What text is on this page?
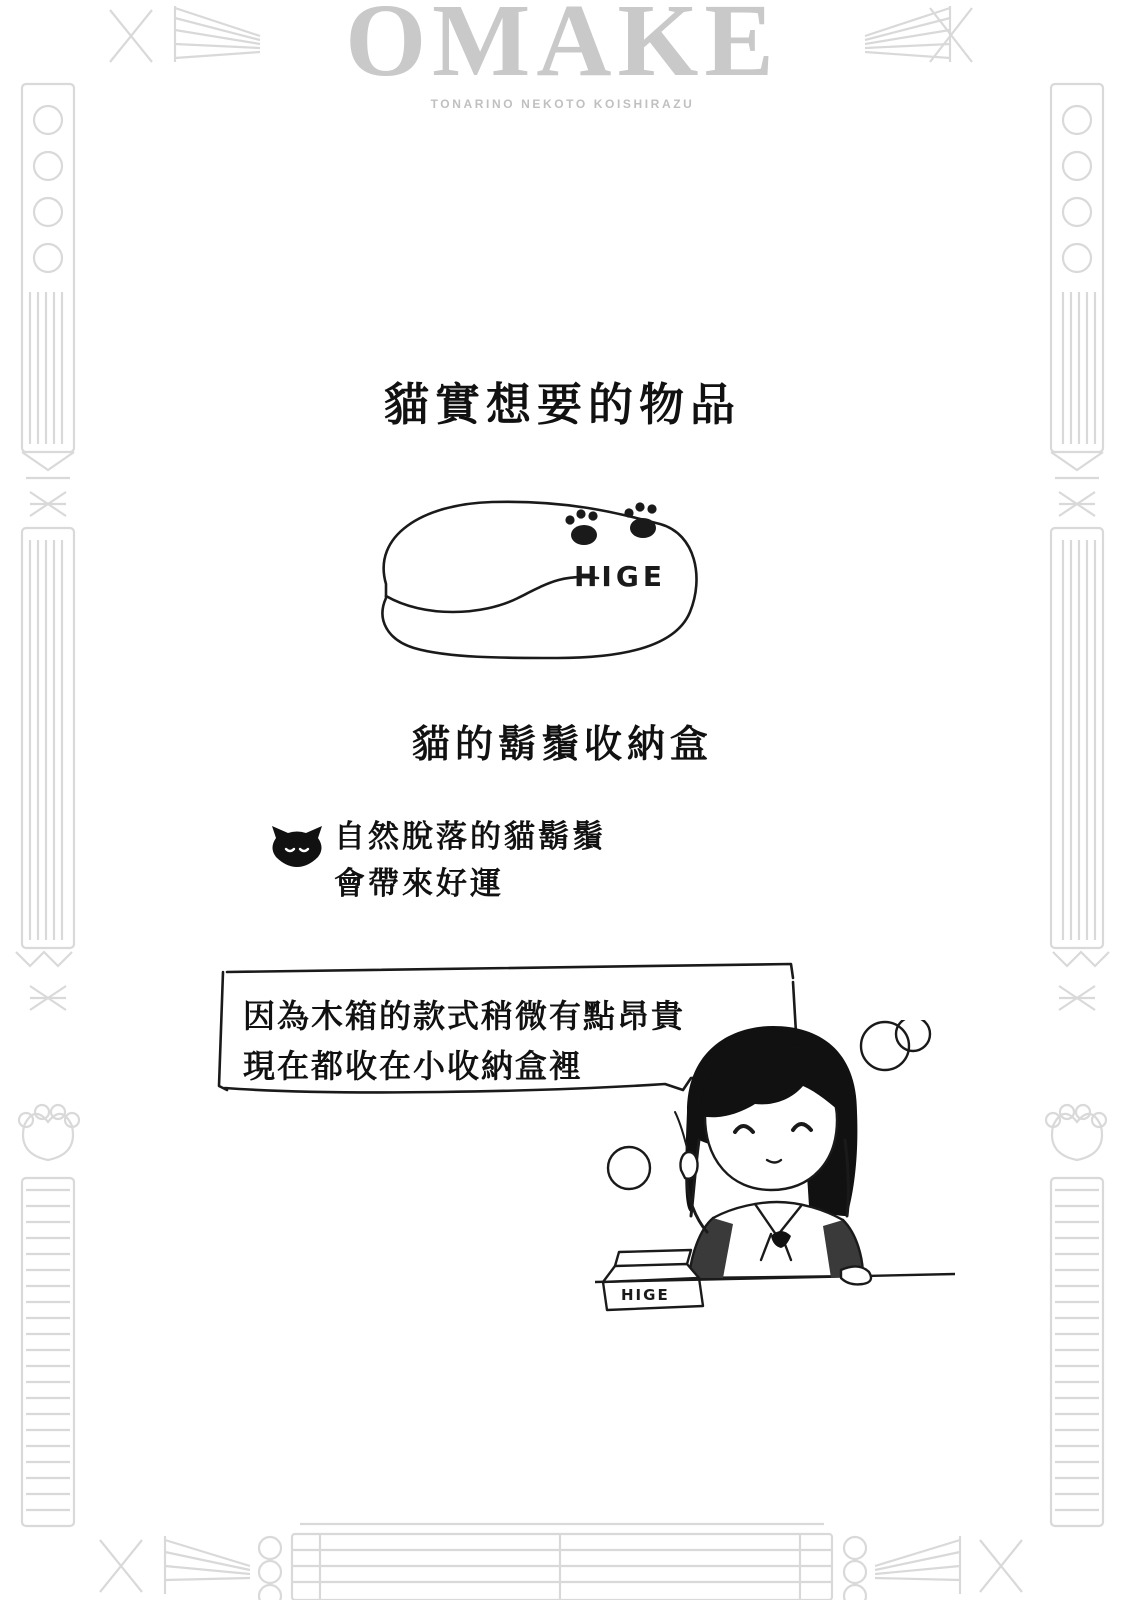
OMAKE
TONARINO NEKOTO KOISHIRAZU
貓實想要的物品
HIGE
貓的鬍鬚收納盒
自然脫落的貓鬍鬚
會帶來好運
因為木箱的款式稍微有點昂貴
現在都收在小收納盒裡
HIGE
